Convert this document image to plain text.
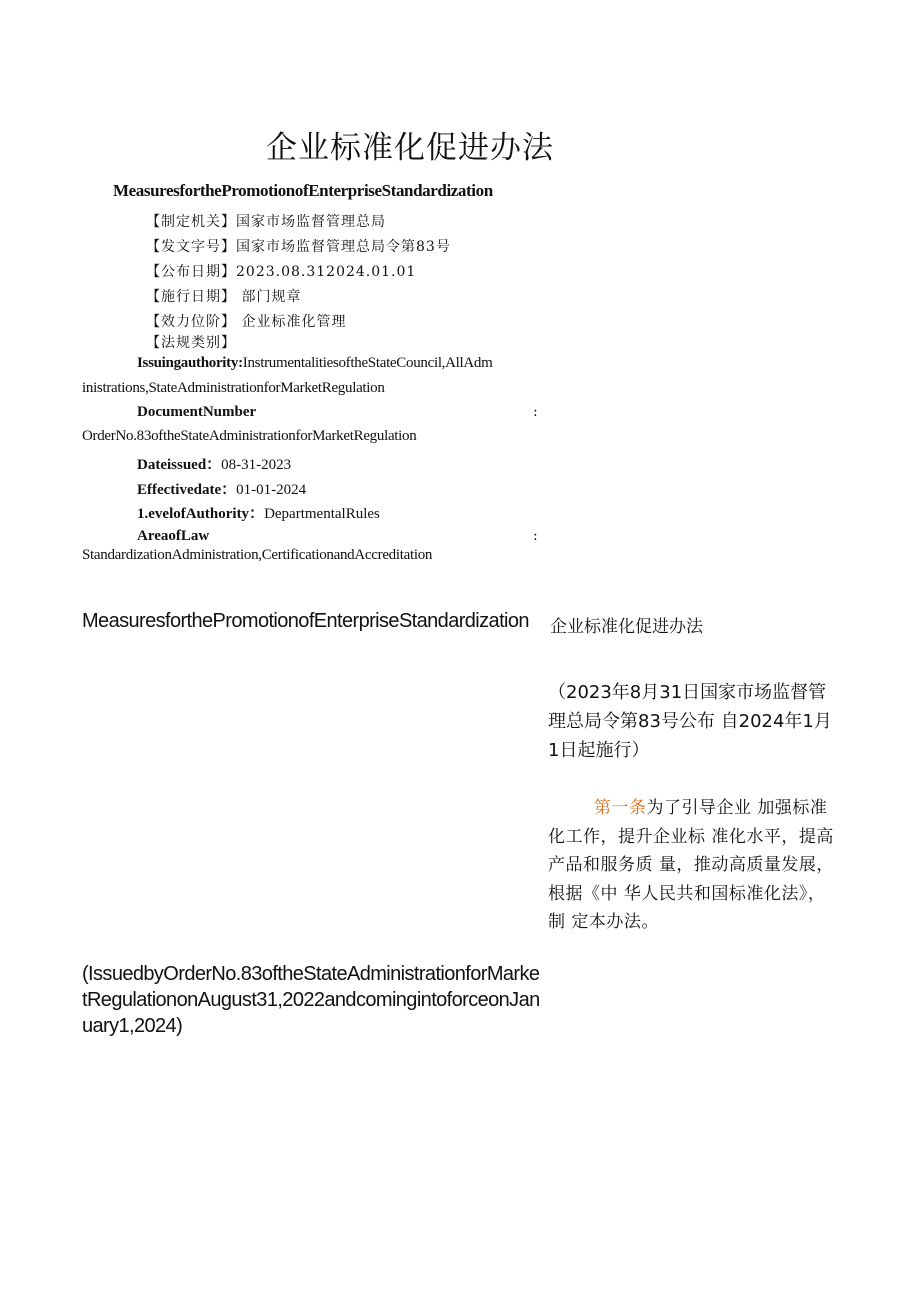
企业标准化促进办法
MeasuresforthePromotionofEnterpriseStandardization
【制定机关】国家市场监督管理总局
【发文字号】国家市场监督管理总局令第83号
【公布日期】2023.08.312024.01.01
【施行日期】 部门规章
【效力位阶】 企业标准化管理
【法规类别】
Issuingauthority:InstrumentalitiesoftheStateCouncil,AllAdm
inistrations,StateAdministrationforMarketRegulation
DocumentNumber	:
OrderNo.83oftheStateAdministrationforMarketRegulation
Dateissued：08-31-2023
Effectivedate：01-01-2024
1.evelofAuthority：DepartmentalRules
AreaofLaw	:
StandardizationAdministration,CertificationandAccreditation
MeasuresforthePromotionofEnterpriseStandardization
(IssuedbyOrderNo.83oftheStateAdministrationforMarketRegulationonAugust31,2022andcomingintoforceonJanuary1,2024)
企业标准化促进办法
（2023年8月31日国家市场监督管理总局令第83号公布 自2024年1月1日起施行）
第一条为了引导企业 加强标准化工作，提升企业标 准化水平，提高产品和服务质 量，推动高质量发展，根据《中 华人民共和国标准化法》，制 定本办法。
